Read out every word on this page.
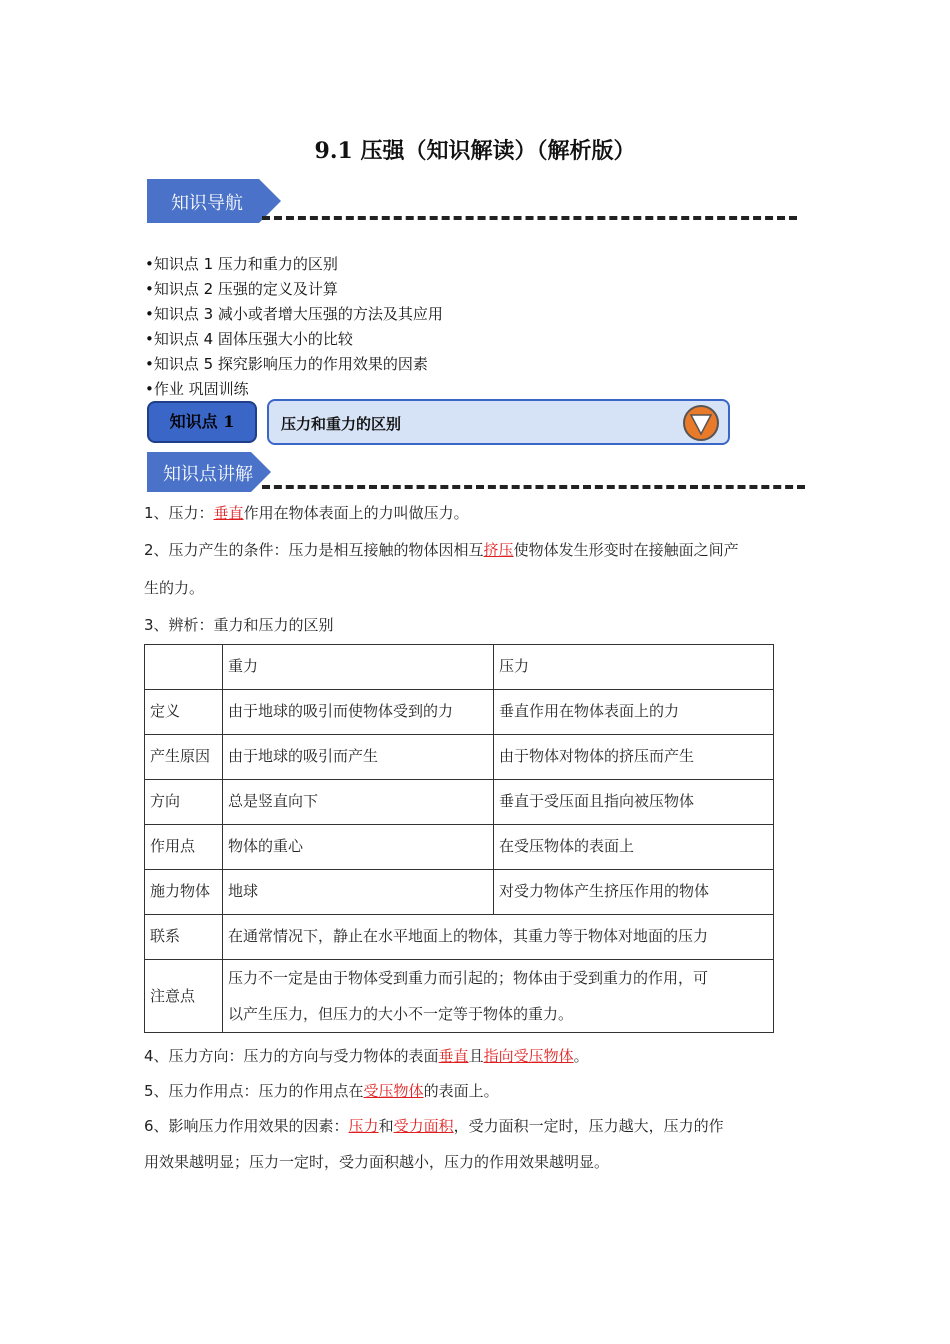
9.1 压强（知识解读）（解析版）
知识导航
•知识点 1 压力和重力的区别
•知识点 2 压强的定义及计算
•知识点 3 减小或者增大压强的方法及其应用
•知识点 4 固体压强大小的比较
•知识点 5 探究影响压力的作用效果的因素
•作业 巩固训练
知识点 1	压力和重力的区别
知识点讲解
1、压力：垂直作用在物体表面上的力叫做压力。
2、压力产生的条件：压力是相互接触的物体因相互挤压使物体发生形变时在接触面之间产
生的力。
3、辨析：重力和压力的区别

	重力	压力

定义	由于地球的吸引而使物体受到的力	垂直作用在物体表面上的力

产生原因	由于地球的吸引而产生	由于物体对物体的挤压而产生

方向	总是竖直向下	垂直于受压面且指向被压物体

作用点	物体的重心	在受压物体的表面上

施力物体	地球	对受力物体产生挤压作用的物体

联系	在通常情况下，静止在水平地面上的物体，其重力等于物体对地面的压力	

注意点	压力不一定是由于物体受到重力而引起的；物体由于受到重力的作用，可
以产生压力，但压力的大小不一定等于物体的重力。	
4、压力方向：压力的方向与受力物体的表面垂直且指向受压物体。
5、压力作用点：压力的作用点在受压物体的表面上。
6、影响压力作用效果的因素：压力和受力面积，受力面积一定时，压力越大，压力的作
用效果越明显；压力一定时，受力面积越小，压力的作用效果越明显。
